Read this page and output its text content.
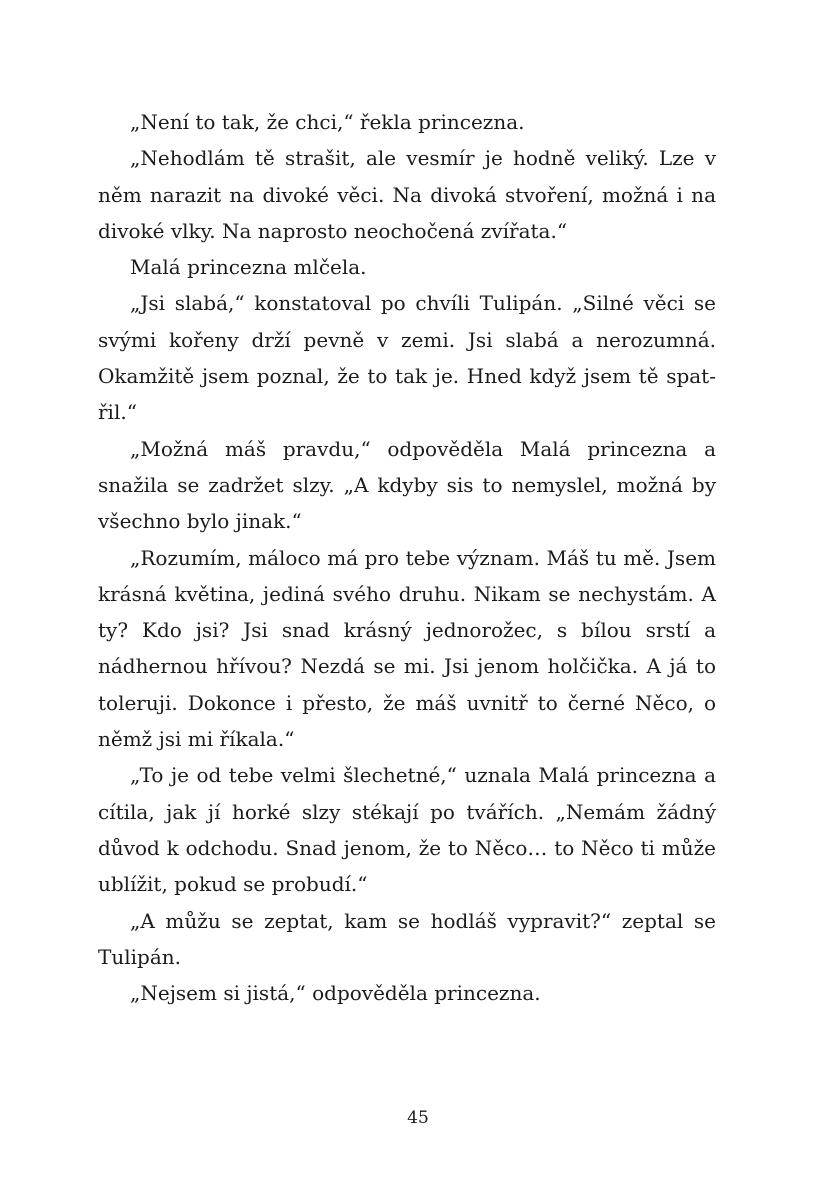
„Není to tak, že chci,“ řekla princezna.

„Nehodlám tě strašit, ale vesmír je hodně veliký. Lze v něm narazit na divoké věci. Na divoká stvoření, možná i na divoké vlky. Na naprosto neochočená zvířata.“

Malá princezna mlčela.

„Jsi slabá,“ konstatoval po chvíli Tulipán. „Silné věci se svými kořeny drží pevně v zemi. Jsi slabá a nerozumná. Okamžitě jsem poznal, že to tak je. Hned když jsem tě spatřil.“

„Možná máš pravdu,“ odpověděla Malá princezna a snažila se zadržet slzy. „A kdyby sis to nemyslel, možná by všechno bylo jinak.“

„Rozumím, máloco má pro tebe význam. Máš tu mě. Jsem krásná květina, jediná svého druhu. Nikam se nechystám. A ty? Kdo jsi? Jsi snad krásný jednorožec, s bílou srstí a nádhernou hřívou? Nezdá se mi. Jsi jenom holčička. A já to toleruji. Dokonce i přesto, že máš uvnitř to černé Něco, o němž jsi mi říkala.“

„To je od tebe velmi šlechetné,“ uznala Malá princezna a cítila, jak jí horké slzy stékají po tvářích. „Nemám žádný důvod k odchodu. Snad jenom, že to Něco… to Něco ti může ublížit, pokud se probudí.“

„A můžu se zeptat, kam se hodláš vypravit?“ zeptal se Tulipán.

„Nejsem si jistá,“ odpověděla princezna.

45
